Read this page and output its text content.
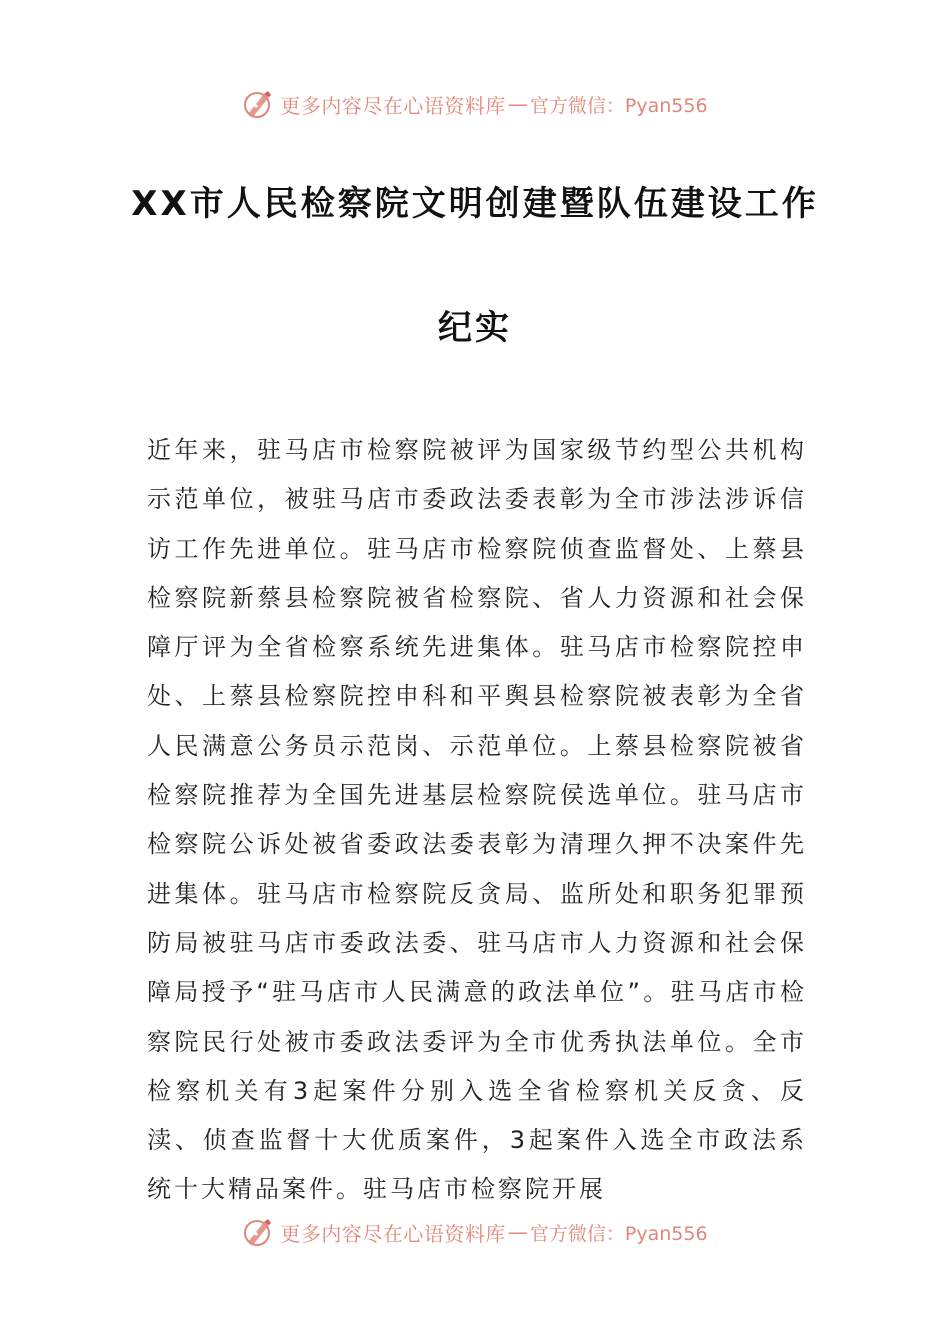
更多内容尽在心语资料库 — 官方微信：Pyan556
XX市人民检察院文明创建暨队伍建设工作
纪实
近年来，驻马店市检察院被评为国家级节约型公共机构示范单位，被驻马店市委政法委表彰为全市涉法涉诉信访工作先进单位。驻马店市检察院侦查监督处、上蔡县检察院新蔡县检察院被省检察院、省人力资源和社会保障厅评为全省检察系统先进集体。驻马店市检察院控申处、上蔡县检察院控申科和平舆县检察院被表彰为全省人民满意公务员示范岗、示范单位。上蔡县检察院被省检察院推荐为全国先进基层检察院侯选单位。驻马店市检察院公诉处被省委政法委表彰为清理久押不决案件先进集体。驻马店市检察院反贪局、监所处和职务犯罪预防局被驻马店市委政法委、驻马店市人力资源和社会保障局授予“驻马店市人民满意的政法单位”。驻马店市检察院民行处被市委政法委评为全市优秀执法单位。全市检察机关有3起案件分别入选全省检察机关反贪、反渎、侦查监督十大优质案件，3起案件入选全市政法系统十大精品案件。驻马店市检察院开展
更多内容尽在心语资料库 — 官方微信：Pyan556
